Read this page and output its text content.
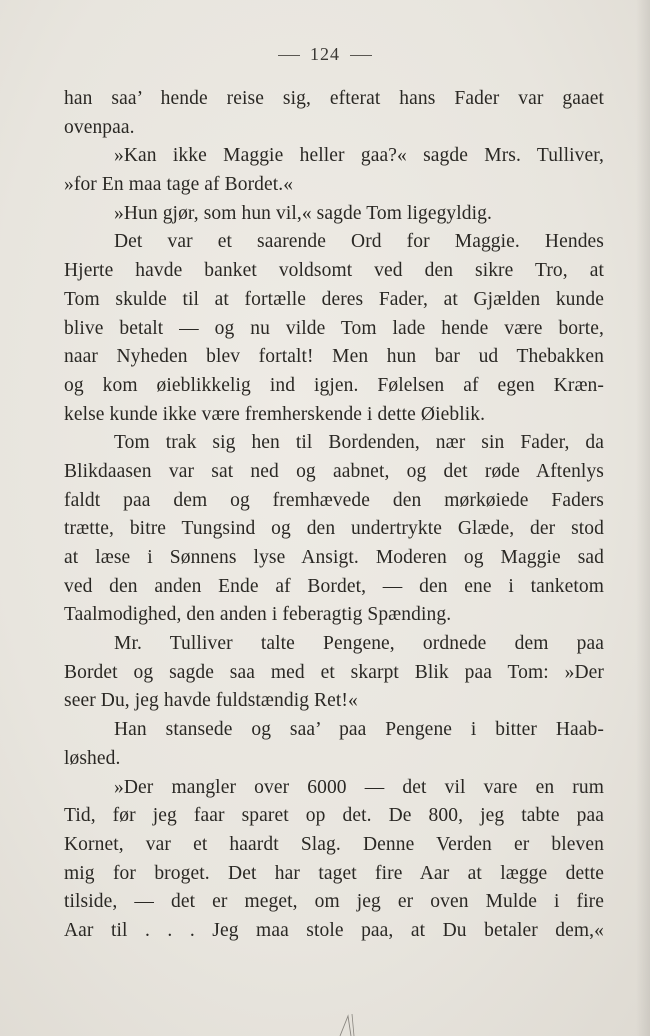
124
han saa’ hende reise sig, efterat hans Fader var gaaet
ovenpaa.
»Kan ikke Maggie heller gaa?« sagde Mrs. Tulliver,
»for En maa tage af Bordet.«
»Hun gjør, som hun vil,« sagde Tom ligegyldig.
Det var et saarende Ord for Maggie. Hendes
Hjerte havde banket voldsomt ved den sikre Tro, at
Tom skulde til at fortælle deres Fader, at Gjælden kunde
blive betalt — og nu vilde Tom lade hende være borte,
naar Nyheden blev fortalt! Men hun bar ud Thebakken
og kom øieblikkelig ind igjen. Følelsen af egen Kræn-
kelse kunde ikke være fremherskende i dette Øieblik.
Tom trak sig hen til Bordenden, nær sin Fader, da
Blikdaasen var sat ned og aabnet, og det røde Aftenlys
faldt paa dem og fremhævede den mørkøiede Faders
trætte, bitre Tungsind og den undertrykte Glæde, der stod
at læse i Sønnens lyse Ansigt. Moderen og Maggie sad
ved den anden Ende af Bordet, — den ene i tanketom
Taalmodighed, den anden i feberagtig Spænding.
Mr. Tulliver talte Pengene, ordnede dem paa
Bordet og sagde saa med et skarpt Blik paa Tom: »Der
seer Du, jeg havde fuldstændig Ret!«
Han stansede og saa’ paa Pengene i bitter Haab-
løshed.
»Der mangler over 6000 — det vil vare en rum
Tid, før jeg faar sparet op det. De 800, jeg tabte paa
Kornet, var et haardt Slag. Denne Verden er bleven
mig for broget. Det har taget fire Aar at lægge dette
tilside, — det er meget, om jeg er oven Mulde i fire
Aar til . . . Jeg maa stole paa, at Du betaler dem,«
